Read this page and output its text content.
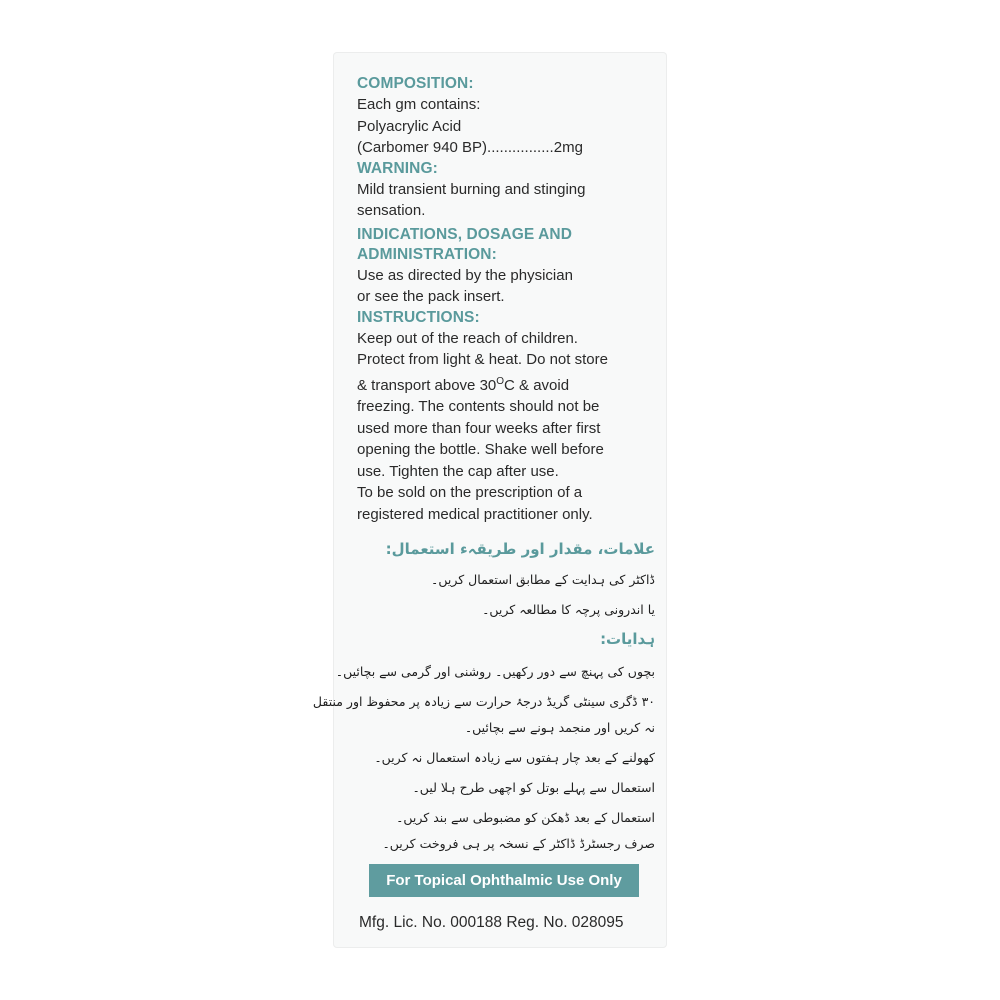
COMPOSITION:

Each gm contains:

Polyacrylic Acid

(Carbomer 940 BP)................2mg

WARNING:

Mild transient burning and stinging

sensation.

INDICATIONS, DOSAGE AND

ADMINISTRATION:

Use as directed by the physician

or see the pack insert.

INSTRUCTIONS:

Keep out of the reach of children.

Protect from light & heat. Do not store

& transport above $30^OC$ & avoid

freezing. The contents should not be

used more than four weeks after first

opening the bottle. Shake well before

use. Tighten the cap after use.

To be sold on the prescription of a

registered medical practitioner only.

علامات، مقدار اور طریقہء استعمال:
ڈاکٹر کی ہدایت کے مطابق استعمال کریں۔
یا اندرونی پرچہ کا مطالعہ کریں۔
ہدایات:
بچوں کی پہنچ سے دور رکھیں۔ روشنی اور گرمی سے بچائیں۔
۳۰ ڈگری سینٹی گریڈ درجۂ حرارت سے زیادہ پر محفوظ اور منتقل
نہ کریں اور منجمد ہونے سے بچائیں۔
کھولنے کے بعد چار ہفتوں سے زیادہ استعمال نہ کریں۔
استعمال سے پہلے بوتل کو اچھی طرح ہلا لیں۔
استعمال کے بعد ڈھکن کو مضبوطی سے بند کریں۔
صرف رجسٹرڈ ڈاکٹر کے نسخہ پر ہی فروخت کریں۔
For Topical Ophthalmic Use Only
Mfg. Lic. No. 000188 Reg. No. 028095
